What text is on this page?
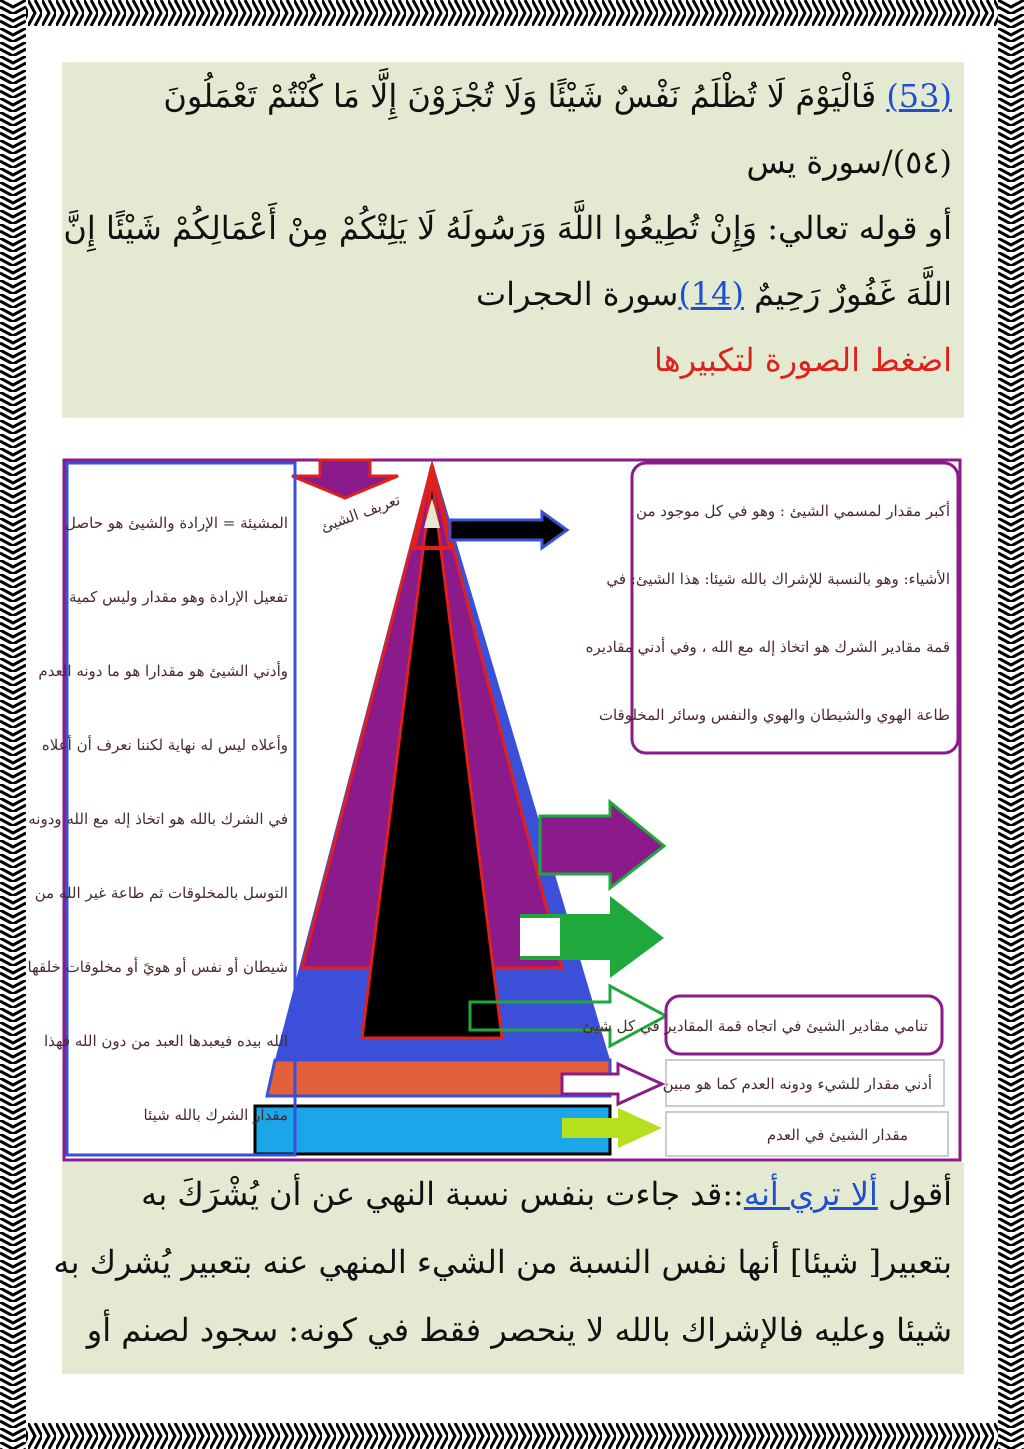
(53) فَالْيَوْمَ لَا تُظْلَمُ نَفْسٌ شَيْئًا وَلَا تُجْزَوْنَ إِلَّا مَا كُنْتُمْ تَعْمَلُونَ
(٥٤)/سورة يس
أو قوله تعالي: وَإِنْ تُطِيعُوا اللَّهَ وَرَسُولَهُ لَا يَلِتْكُمْ مِنْ أَعْمَالِكُمْ شَيْئًا إِنَّ
اللَّهَ غَفُورٌ رَحِيمٌ (14)سورة الحجرات
اضغط الصورة لتكبيرها
تعريف الشيئ
المشيئة = الإرادة والشيئ هو حاصل
تفعيل الإرادة وهو مقدار وليس كمية
وأدني الشيئ هو مقدارا هو ما دونه العدم
وأعلاه ليس له نهاية لكننا نعرف أن أعلاه
في الشرك بالله هو اتخاذ إله مع الله ودونه
التوسل بالمخلوقات ثم طاعة غير الله من
شيطان أو نفس أو هويً أو مخلوقات خلقها
الله بيده فيعبدها العبد من دون الله فهذا
مقدار الشرك بالله شيئا
أكبر مقدار لمسمي الشيئ : وهو في كل موجود من
الأشياء: وهو بالنسبة للإشراك بالله شيئا: هذا الشيئ: في
قمة مقادير الشرك هو اتخاذ إله مع الله ، وفي أدني مقاديره
طاعة الهوي والشيطان والهوي والنفس وسائر المخلوقات
تنامي مقادير الشيئ في اتجاه قمة المقادير في كل شيئ
أدني مقدار للشيء ودونه العدم كما هو مبين
مقدار الشيئ في العدم
أقول ألا تري أنه::قد جاءت بنفس نسبة النهي عن أن يُشْرَكَ به
بتعبير[ شيئا] أنها نفس النسبة من الشيء المنهي عنه بتعبير يُشرك به
شيئا وعليه فالإشراك بالله لا ينحصر فقط في كونه: سجود لصنم أو
